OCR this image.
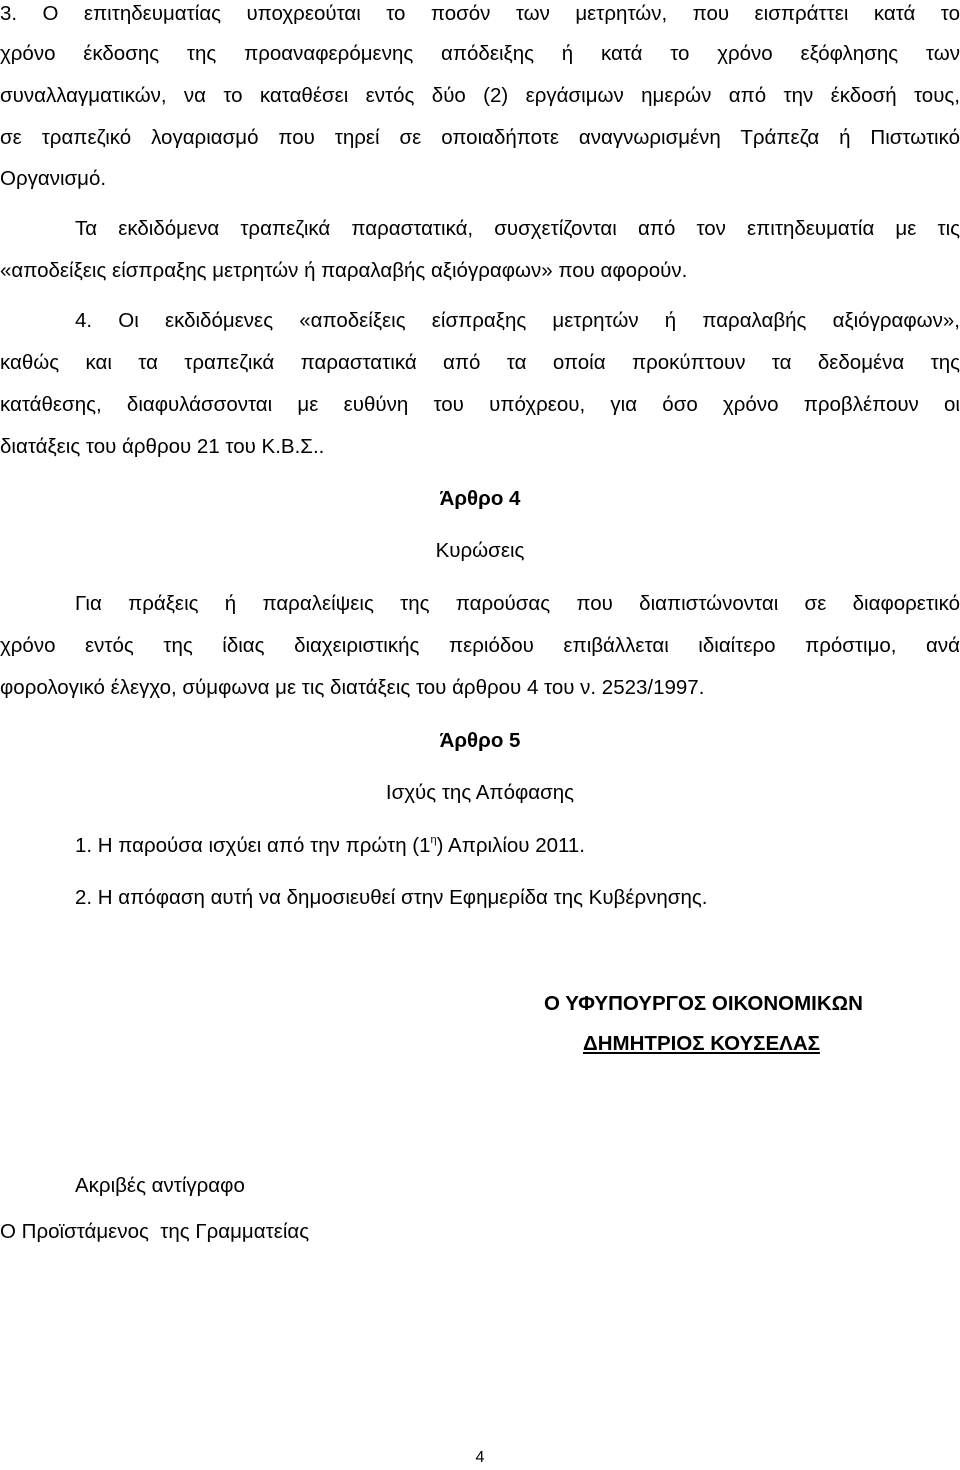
3. Ο επιτηδευματίας υποχρεούται το ποσόν των μετρητών, που εισπράττει κατά το

χρόνο έκδοσης της προαναφερόμενης απόδειξης ή κατά το χρόνο εξόφλησης των

συναλλαγματικών, να το καταθέσει εντός δύο (2) εργάσιμων ημερών από την έκδοσή τους,

σε τραπεζικό λογαριασμό που τηρεί σε οποιαδήποτε αναγνωρισμένη Τράπεζα ή Πιστωτικό

Οργανισμό.

Τα εκδιδόμενα τραπεζικά παραστατικά, συσχετίζονται από τον επιτηδευματία με τις

«αποδείξεις είσπραξης μετρητών ή παραλαβής αξιόγραφων» που αφορούν.

4. Οι εκδιδόμενες «αποδείξεις είσπραξης μετρητών ή παραλαβής αξιόγραφων»,

καθώς και τα τραπεζικά παραστατικά από τα οποία προκύπτουν τα δεδομένα της

κατάθεσης, διαφυλάσσονται με ευθύνη του υπόχρεου, για όσο χρόνο προβλέπουν οι

διατάξεις του άρθρου 21 του Κ.Β.Σ..

Άρθρο 4

Κυρώσεις

Για πράξεις ή παραλείψεις της παρούσας που διαπιστώνονται σε διαφορετικό

χρόνο εντός της ίδιας διαχειριστικής περιόδου επιβάλλεται ιδιαίτερο πρόστιμο, ανά

φορολογικό έλεγχο, σύμφωνα με τις διατάξεις του άρθρου 4 του ν. 2523/1997.

Άρθρο 5

Ισχύς της Απόφασης

1. Η παρούσα ισχύει από την πρώτη $(1^\eta)$ Απριλίου 2011.

2. Η απόφαση αυτή να δημοσιευθεί στην Εφημερίδα της Κυβέρνησης.

Ο ΥΦΥΠΟΥΡΓΟΣ ΟΙΚΟΝΟΜΙΚΩΝ

ΔΗΜΗΤΡΙΟΣ ΚΟΥΣΕΛΑΣ

Ακριβές αντίγραφο

Ο Προϊστάμενος  της Γραμματείας

4
